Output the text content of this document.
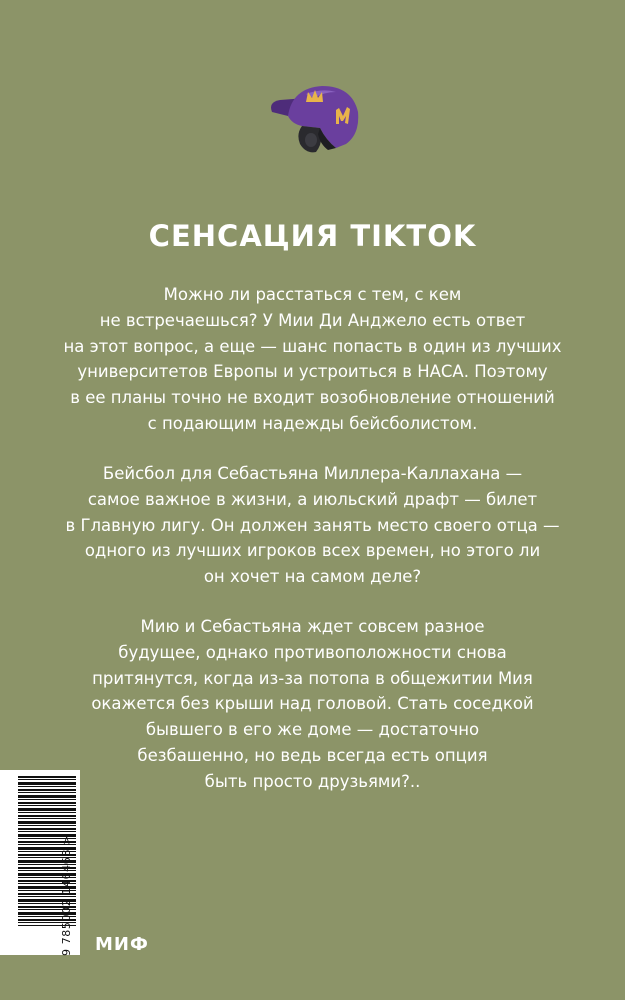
СЕНСАЦИЯ TIKTOK
Можно ли расстаться с тем, с кем
не встречаешься? У Мии Ди Анджело есть ответ
на этот вопрос, а еще — шанс попасть в один из лучших
университетов Европы и устроиться в НАСА. Поэтому
в ее планы точно не входит возобновление отношений
с подающим надежды бейсболистом.
Бейсбол для Себастьяна Миллера-Каллахана —
самое важное в жизни, а июльский драфт — билет
в Главную лигу. Он должен занять место своего отца —
одного из лучших игроков всех времен, но этого ли
он хочет на самом деле?
Мию и Себастьяна ждет совсем разное
будущее, однако противоположности снова
притянутся, когда из-за потопа в общежитии Мия
окажется без крыши над головой. Стать соседкой
бывшего в его же доме — достаточно
безбашенно, но ведь всегда есть опция
быть просто друзьями?..
9 785002 146468 > МИФ
